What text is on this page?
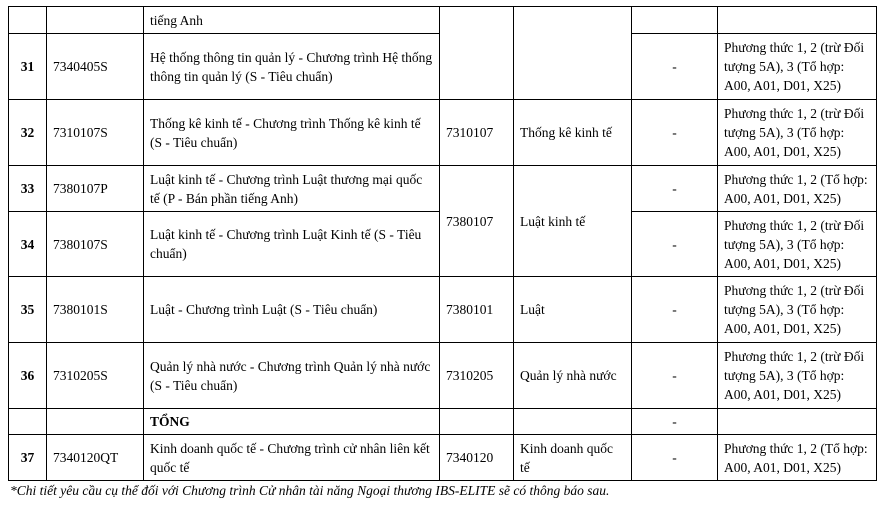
		tiếng Anh				
31	7340405S	Hệ thống thông tin quản lý - Chương trình Hệ thống thông tin quản lý (S - Tiêu chuẩn)			-	Phương thức 1, 2 (trừ Đối tượng 5A), 3 (Tổ hợp: A00, A01, D01, X25)
32	7310107S	Thống kê kinh tế - Chương trình Thống kê kinh tế (S - Tiêu chuẩn)	7310107	Thống kê kinh tế	-	Phương thức 1, 2 (trừ Đối tượng 5A), 3 (Tổ hợp: A00, A01, D01, X25)
33	7380107P	Luật kinh tế - Chương trình Luật thương mại quốc tế (P - Bán phần tiếng Anh)	7380107	Luật kinh tế	-	Phương thức 1, 2 (Tổ hợp: A00, A01, D01, X25)
34	7380107S	Luật kinh tế - Chương trình Luật Kinh tế (S - Tiêu chuẩn)			-	Phương thức 1, 2 (trừ Đối tượng 5A), 3 (Tổ hợp: A00, A01, D01, X25)
35	7380101S	Luật - Chương trình Luật (S - Tiêu chuẩn)	7380101	Luật	-	Phương thức 1, 2 (trừ Đối tượng 5A), 3 (Tổ hợp: A00, A01, D01, X25)
36	7310205S	Quản lý nhà nước - Chương trình Quản lý nhà nước (S - Tiêu chuẩn)	7310205	Quản lý nhà nước	-	Phương thức 1, 2 (trừ Đối tượng 5A), 3 (Tổ hợp: A00, A01, D01, X25)
		TỔNG			-	
37	7340120QT	Kinh doanh quốc tế - Chương trình cử nhân liên kết quốc tế	7340120	Kinh doanh quốc tế	-	Phương thức 1, 2 (Tổ hợp: A00, A01, D01, X25)
*Chi tiết yêu cầu cụ thể đối với Chương trình Cử nhân tài năng Ngoại thương IBS-ELITE sẽ có thông báo sau.
